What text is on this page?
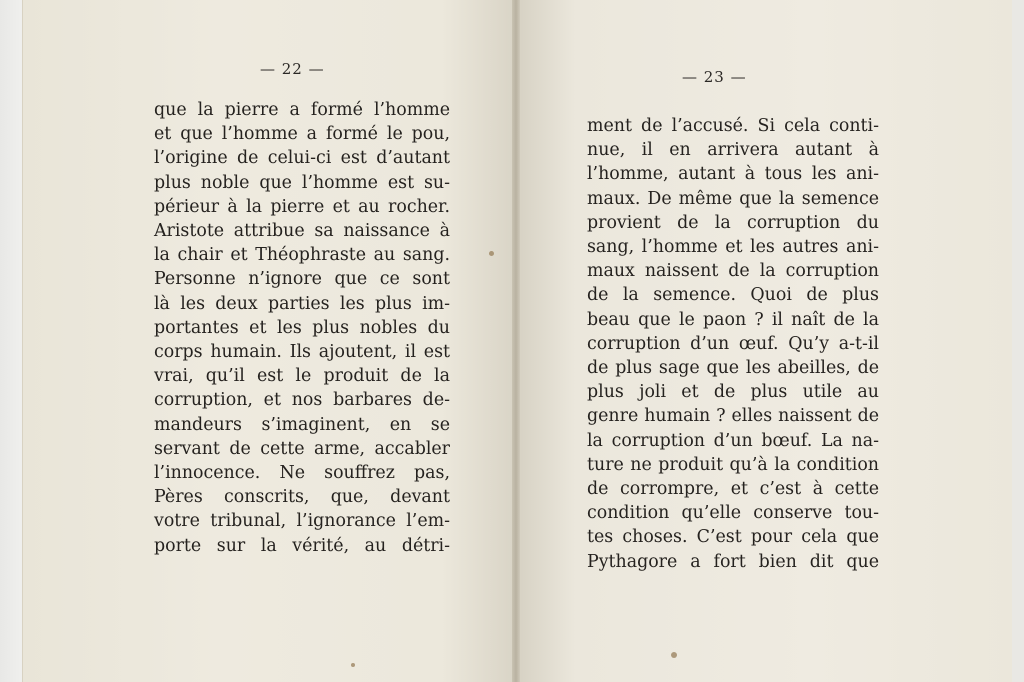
— 22 —	— 23 —
que la pierre a formé l’homme
et que l’homme a formé le pou,
l’origine de celui-ci est d’autant
plus noble que l’homme est su-
périeur à la pierre et au rocher.
Aristote attribue sa naissance à
la chair et Théophraste au sang.
Personne n’ignore que ce sont
là les deux parties les plus im-
portantes et les plus nobles du
corps humain. Ils ajoutent, il est
vrai, qu’il est le produit de la
corruption, et nos barbares de-
mandeurs s’imaginent, en se
servant de cette arme, accabler
l’innocence. Ne souffrez pas,
Pères conscrits, que, devant
votre tribunal, l’ignorance l’em-
porte sur la vérité, au détri-
ment de l’accusé. Si cela conti-
nue, il en arrivera autant à
l’homme, autant à tous les ani-
maux. De même que la semence
provient de la corruption du
sang, l’homme et les autres ani-
maux naissent de la corruption
de la semence. Quoi de plus
beau que le paon ? il naît de la
corruption d’un œuf. Qu’y a-t-il
de plus sage que les abeilles, de
plus joli et de plus utile au
genre humain ? elles naissent de
la corruption d’un bœuf. La na-
ture ne produit qu’à la condition
de corrompre, et c’est à cette
condition qu’elle conserve tou-
tes choses. C’est pour cela que
Pythagore a fort bien dit que
